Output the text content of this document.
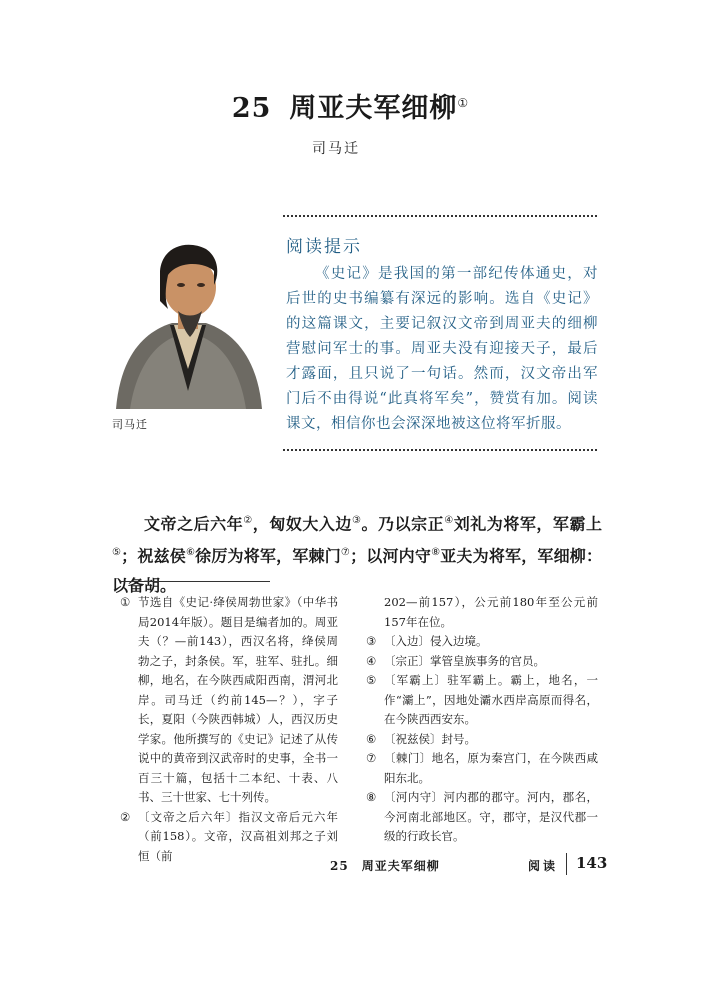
25 周亚夫军细柳①
司马迁
司马迁
阅读提示
《史记》是我国的第一部纪传体通史，对后世的史书编纂有深远的影响。选自《史记》的这篇课文，主要记叙汉文帝到周亚夫的细柳营慰问军士的事。周亚夫没有迎接天子，最后才露面，且只说了一句话。然而，汉文帝出军门后不由得说“此真将军矣”，赞赏有加。阅读课文，相信你也会深深地被这位将军折服。
文帝之后六年②，匈奴大入边③。乃以宗正④刘礼为将军，军霸上⑤；祝兹侯⑥徐厉为将军，军棘门⑦；以河内守⑧亚夫为将军，军细柳：以备胡。

① 节选自《史记·绛侯周勃世家》（中华书局2014年版）。题目是编者加的。周亚夫（？—前143），西汉名将，绛侯周勃之子，封条侯。军，驻军、驻扎。细柳，地名，在今陕西咸阳西南，渭河北岸。司马迁（约前145—？），字子长，夏阳（今陕西韩城）人，西汉历史学家。他所撰写的《史记》记述了从传说中的黄帝到汉武帝时的史事，全书一百三十篇，包括十二本纪、十表、八书、三十世家、七十列传。

② 〔文帝之后六年〕指汉文帝后元六年（前158）。文帝，汉高祖刘邦之子刘恒（前

202—前157），公元前180年至公元前157年在位。

③ 〔入边〕侵入边境。

④ 〔宗正〕掌管皇族事务的官员。

⑤ 〔军霸上〕驻军霸上。霸上，地名，一作“灞上”，因地处灞水西岸高原而得名，在今陕西西安东。

⑥ 〔祝兹侯〕封号。

⑦ 〔棘门〕地名，原为秦宫门，在今陕西咸阳东北。

⑧ 〔河内守〕河内郡的郡守。河内，郡名，今河南北部地区。守，郡守，是汉代郡一级的行政长官。

25　周亚夫军细柳	阅读 143
